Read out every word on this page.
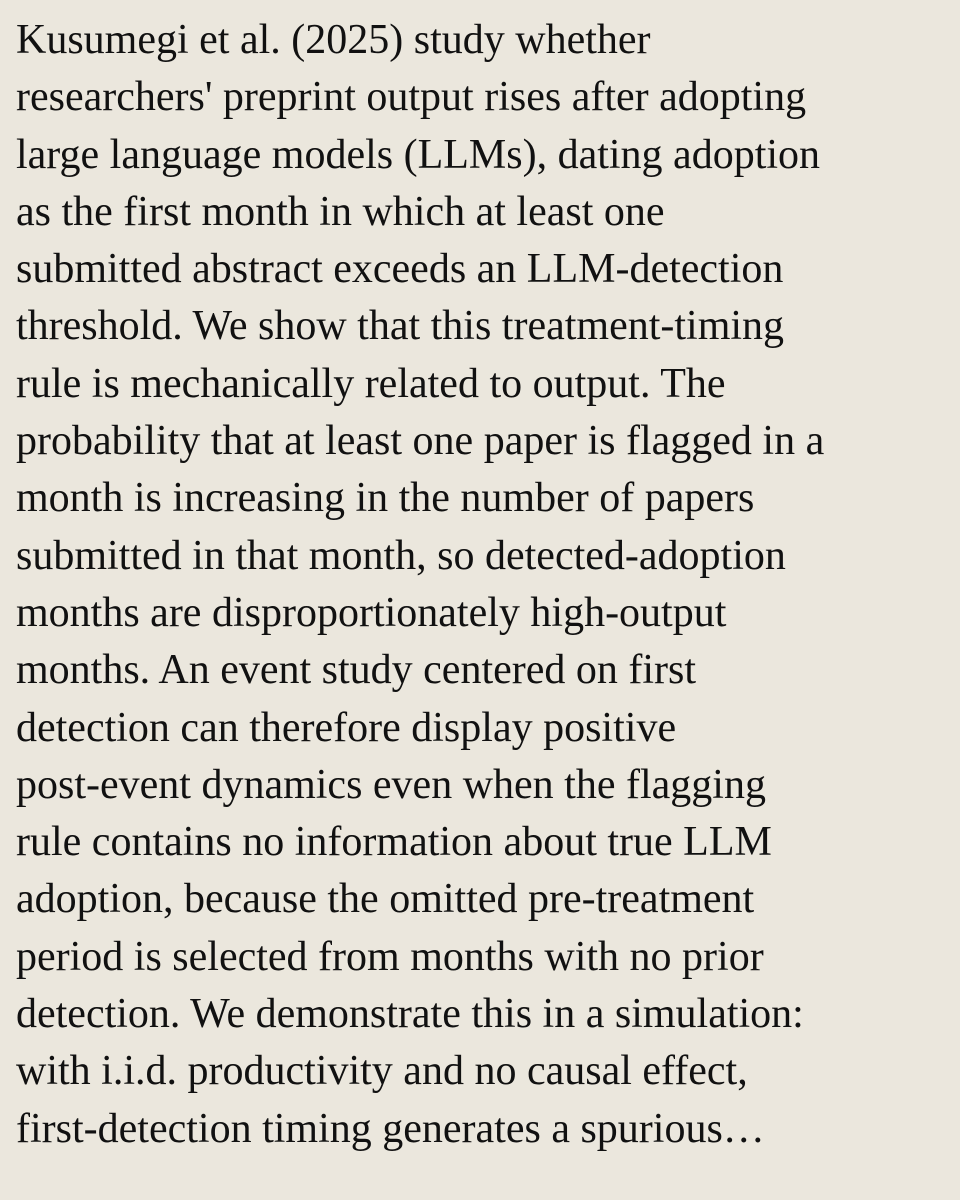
Kusumegi et al. (2025) study whether
researchers' preprint output rises after adopting
large language models (LLMs), dating adoption
as the first month in which at least one
submitted abstract exceeds an LLM-detection
threshold. We show that this treatment-timing
rule is mechanically related to output. The
probability that at least one paper is flagged in a
month is increasing in the number of papers
submitted in that month, so detected-adoption
months are disproportionately high-output
months. An event study centered on first
detection can therefore display positive
post-event dynamics even when the flagging
rule contains no information about true LLM
adoption, because the omitted pre-treatment
period is selected from months with no prior
detection. We demonstrate this in a simulation:
with i.i.d. productivity and no causal effect,
first-detection timing generates a spurious…
